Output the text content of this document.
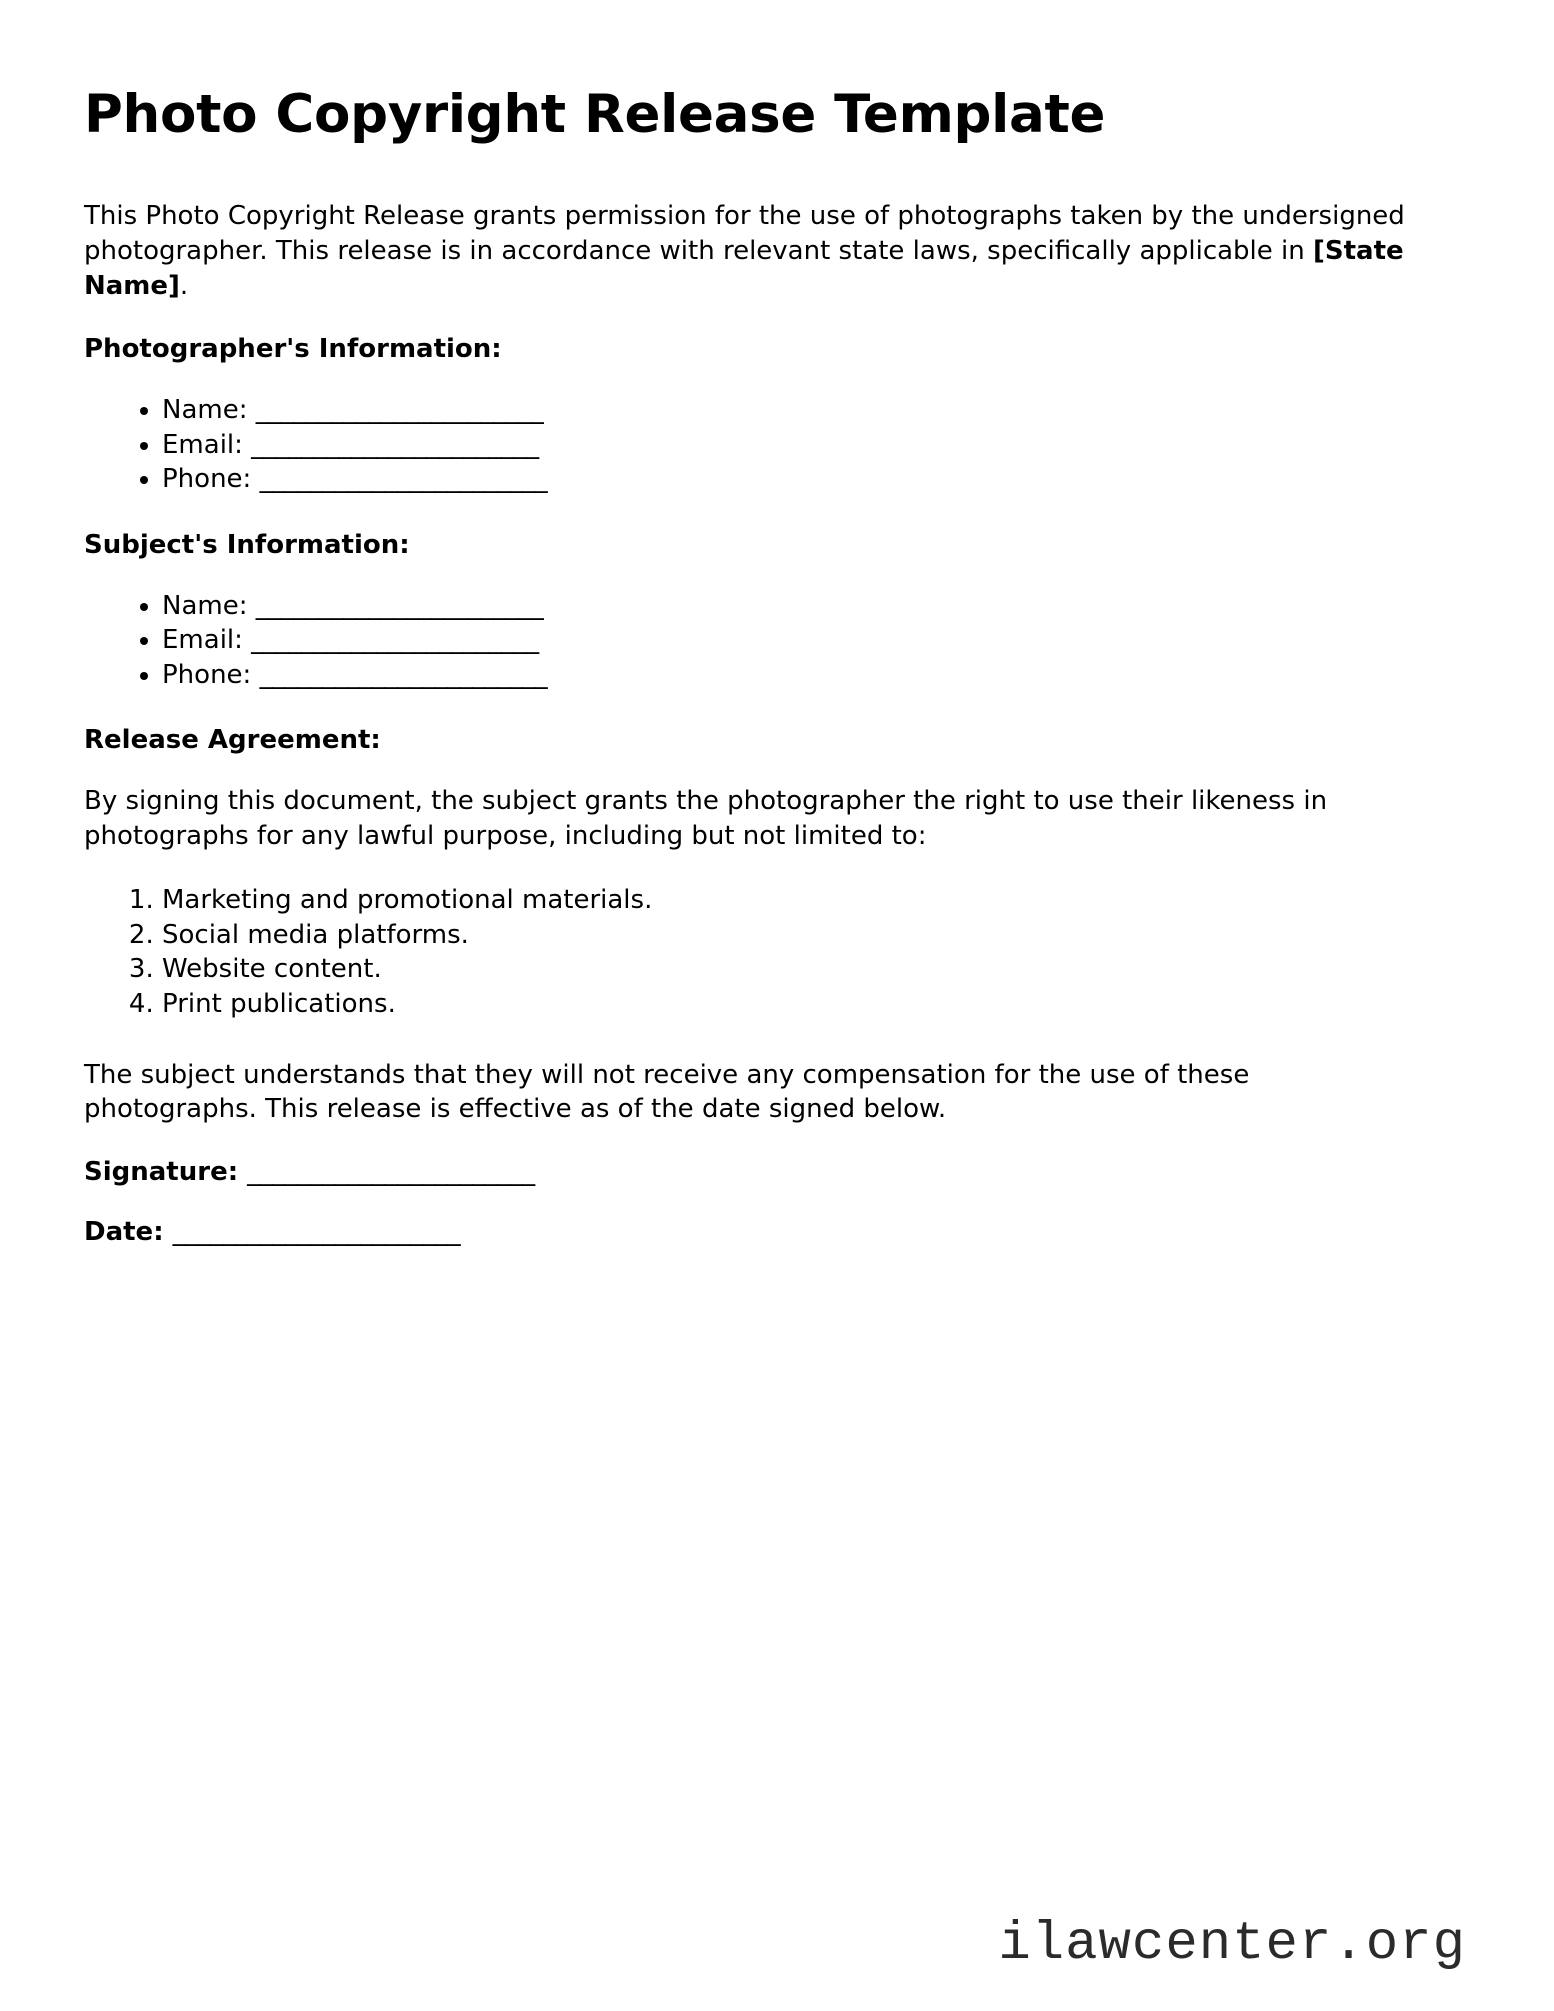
Photo Copyright Release Template

This Photo Copyright Release grants permission for the use of photographs taken by the undersigned photographer. This release is in accordance with relevant state laws, specifically applicable in [State Name].

Photographer's Information:
• Name: _______________________
• Email: _______________________
• Phone: _______________________
Subject's Information:
• Name: _______________________
• Email: _______________________
• Phone: _______________________
Release Agreement:

By signing this document, the subject grants the photographer the right to use their likeness in photographs for any lawful purpose, including but not limited to:

1. Marketing and promotional materials.
2. Social media platforms.
3. Website content.
4. Print publications.

The subject understands that they will not receive any compensation for the use of these photographs. This release is effective as of the date signed below.

Signature: _______________________
Date: _______________________
ilawcenter.org
